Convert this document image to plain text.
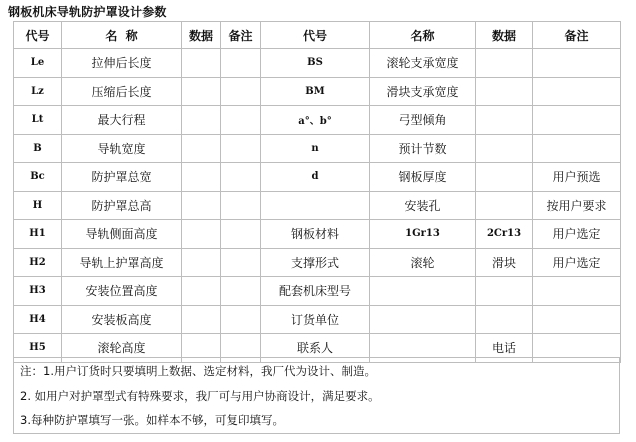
钢板机床导轨防护罩设计参数
代号	名  称	数据	备注	代号	名称	数据	备注
Le	拉伸后长度			BS	滚轮支承宽度		
Lz	压缩后长度			BM	滑块支承宽度		
Lt	最大行程			a°、b°	弓型倾角		
B	导轨宽度			n	预计节数		
Bc	防护罩总宽			d	钢板厚度		用户预选
H	防护罩总高				安装孔		按用户要求
H1	导轨侧面高度			钢板材料	1Gr13	2Cr13	用户选定
H2	导轨上护罩高度			支撑形式	滚轮	滑块	用户选定
H3	安装位置高度			配套机床型号			
H4	安装板高度			订货单位			
H5	滚轮高度			联系人		电话	
注：1.用户订货时只要填明上数据、选定材料，我厂代为设计、制造。
2. 如用户对护罩型式有特殊要求，我厂可与用户协商设计，满足要求。
3.每种防护罩填写一张。如样本不够，可复印填写。
